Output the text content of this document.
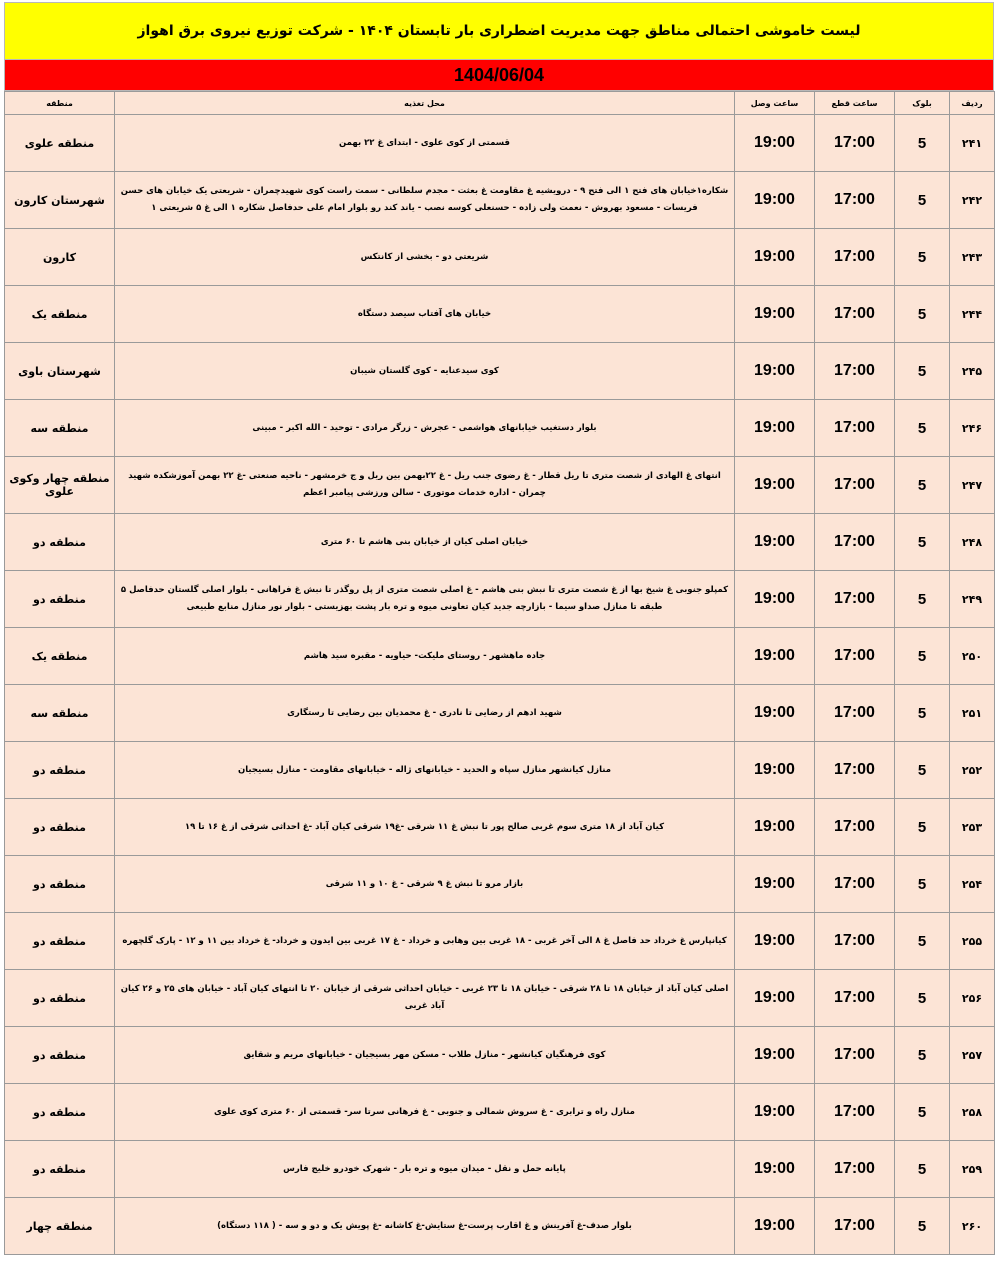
لیست خاموشی احتمالی مناطق جهت مدیریت اضطراری بار تابستان ۱۴۰۴ - شرکت توزیع نیروی برق اهواز
1404/06/04
منطقه	محل تغذیه	ساعت وصل	ساعت قطع	بلوک	ردیف
منطقه علوی	قسمتی از کوی علوی - ابتدای غ ۲۲ بهمن	19:00	17:00	5	۲۴۱
شهرستان کارون	شکاره۱خیابان های فتح ۱ الی فتح ۹ - درویشیه غ مقاومت غ بعثت - مجدم سلطانی - سمت راست کوی شهیدچمران - شریعتی یک خیابان های حسن فریسات - مسعود بهروش - نعمت ولی زاده - حسنعلی کوسه نصب - یاند کند رو بلوار امام علی حدفاصل شکاره ۱ الی غ ۵ شریعتی ۱	19:00	17:00	5	۲۴۲
کارون	شریعتی دو - بخشی از کانتکس	19:00	17:00	5	۲۴۳
منطقه یک	خیابان های آفتاب سیصد دستگاه	19:00	17:00	5	۲۴۴
شهرستان باوی	کوی سیدعنایه - کوی گلستان شیبان	19:00	17:00	5	۲۴۵
منطقه سه	بلوار دستغیب خیابانهای هواشمی - عجرش - زرگر مرادی - توحید - الله اکبر - مبینی	19:00	17:00	5	۲۴۶
منطقه چهار وکوی علوی	انتهای غ الهادی از شصت متری تا ریل قطار - غ رضوی جنب ریل - غ ۲۲بهمن بین ریل و ج خرمشهر - ناحیه صنعتی -غ ۲۲ بهمن آموزشکده شهید چمران - اداره خدمات موتوری - سالن ورزشی پیامبر اعظم	19:00	17:00	5	۲۴۷
منطقه دو	خیابان اصلی کیان از خیابان بنی هاشم تا ۶۰ متری	19:00	17:00	5	۲۴۸
منطقه دو	کمپلو جنوبی غ شیخ بها از غ شصت متری تا نبش بنی هاشم - غ اصلی شصت متری از پل روگذر تا نبش غ فراهانی - بلوار اصلی گلستان حدفاصل ۵ طبقه تا منازل صداو سیما - بازارچه جدید کیان تعاونی میوه و تره بار پشت بهزیستی - بلوار نور منازل منابع طبیعی	19:00	17:00	5	۲۴۹
منطقه یک	جاده ماهشهر - روستای ملیکت- حیاویه - مقبره سید هاشم	19:00	17:00	5	۲۵۰
منطقه سه	شهید ادهم از رضایی تا نادری - غ محمدیان بین رضایی تا رستگاری	19:00	17:00	5	۲۵۱
منطقه دو	منازل کیانشهر منازل سپاه و الحدید - خیابانهای ژاله - خیابانهای مقاومت - منازل بسیجیان	19:00	17:00	5	۲۵۲
منطقه دو	کیان آباد از ۱۸ متری سوم غربی صالح پور تا نبش غ ۱۱ شرقی -غ۱۹ شرقی کیان آباد -غ احداثی شرقی از غ ۱۶ تا ۱۹	19:00	17:00	5	۲۵۳
منطقه دو	بازار مرو تا نبش غ ۹ شرقی - غ ۱۰ و ۱۱ شرقی	19:00	17:00	5	۲۵۴
منطقه دو	کیانپارس غ خرداد حد فاصل غ ۸ الی آخر غربی - ۱۸ غربی بین وهابی و خرداد - غ ۱۷ غربی بین ایدون و خرداد- غ خرداد بین ۱۱ و ۱۲ - پارک گلچهره	19:00	17:00	5	۲۵۵
منطقه دو	اصلی کیان آباد از خیابان ۱۸ تا ۲۸ شرقی - خیابان ۱۸ تا ۲۳ غربی - خیابان احداثی شرقی از خیابان ۲۰ تا انتهای کیان آباد - خیابان های ۲۵ و ۲۶ کیان آباد غربی	19:00	17:00	5	۲۵۶
منطقه دو	کوی فرهنگیان کیانشهر - منازل طلاب - مسکن مهر بسیجیان - خیابانهای مریم و شقایق	19:00	17:00	5	۲۵۷
منطقه دو	منازل راه و ترابری - غ سروش شمالی و جنوبی - غ فرهانی سرتا سر- قسمتی از ۶۰ متری کوی علوی	19:00	17:00	5	۲۵۸
منطقه دو	پایانه حمل و نقل - میدان میوه و تره بار - شهرک خودرو خلیج فارس	19:00	17:00	5	۲۵۹
منطقه چهار	بلوار صدف-غ آفرینش و غ اقارب پرست-غ ستایش-غ کاشانه -غ پویش یک و دو و سه - ( ۱۱۸ دستگاه)	19:00	17:00	5	۲۶۰
